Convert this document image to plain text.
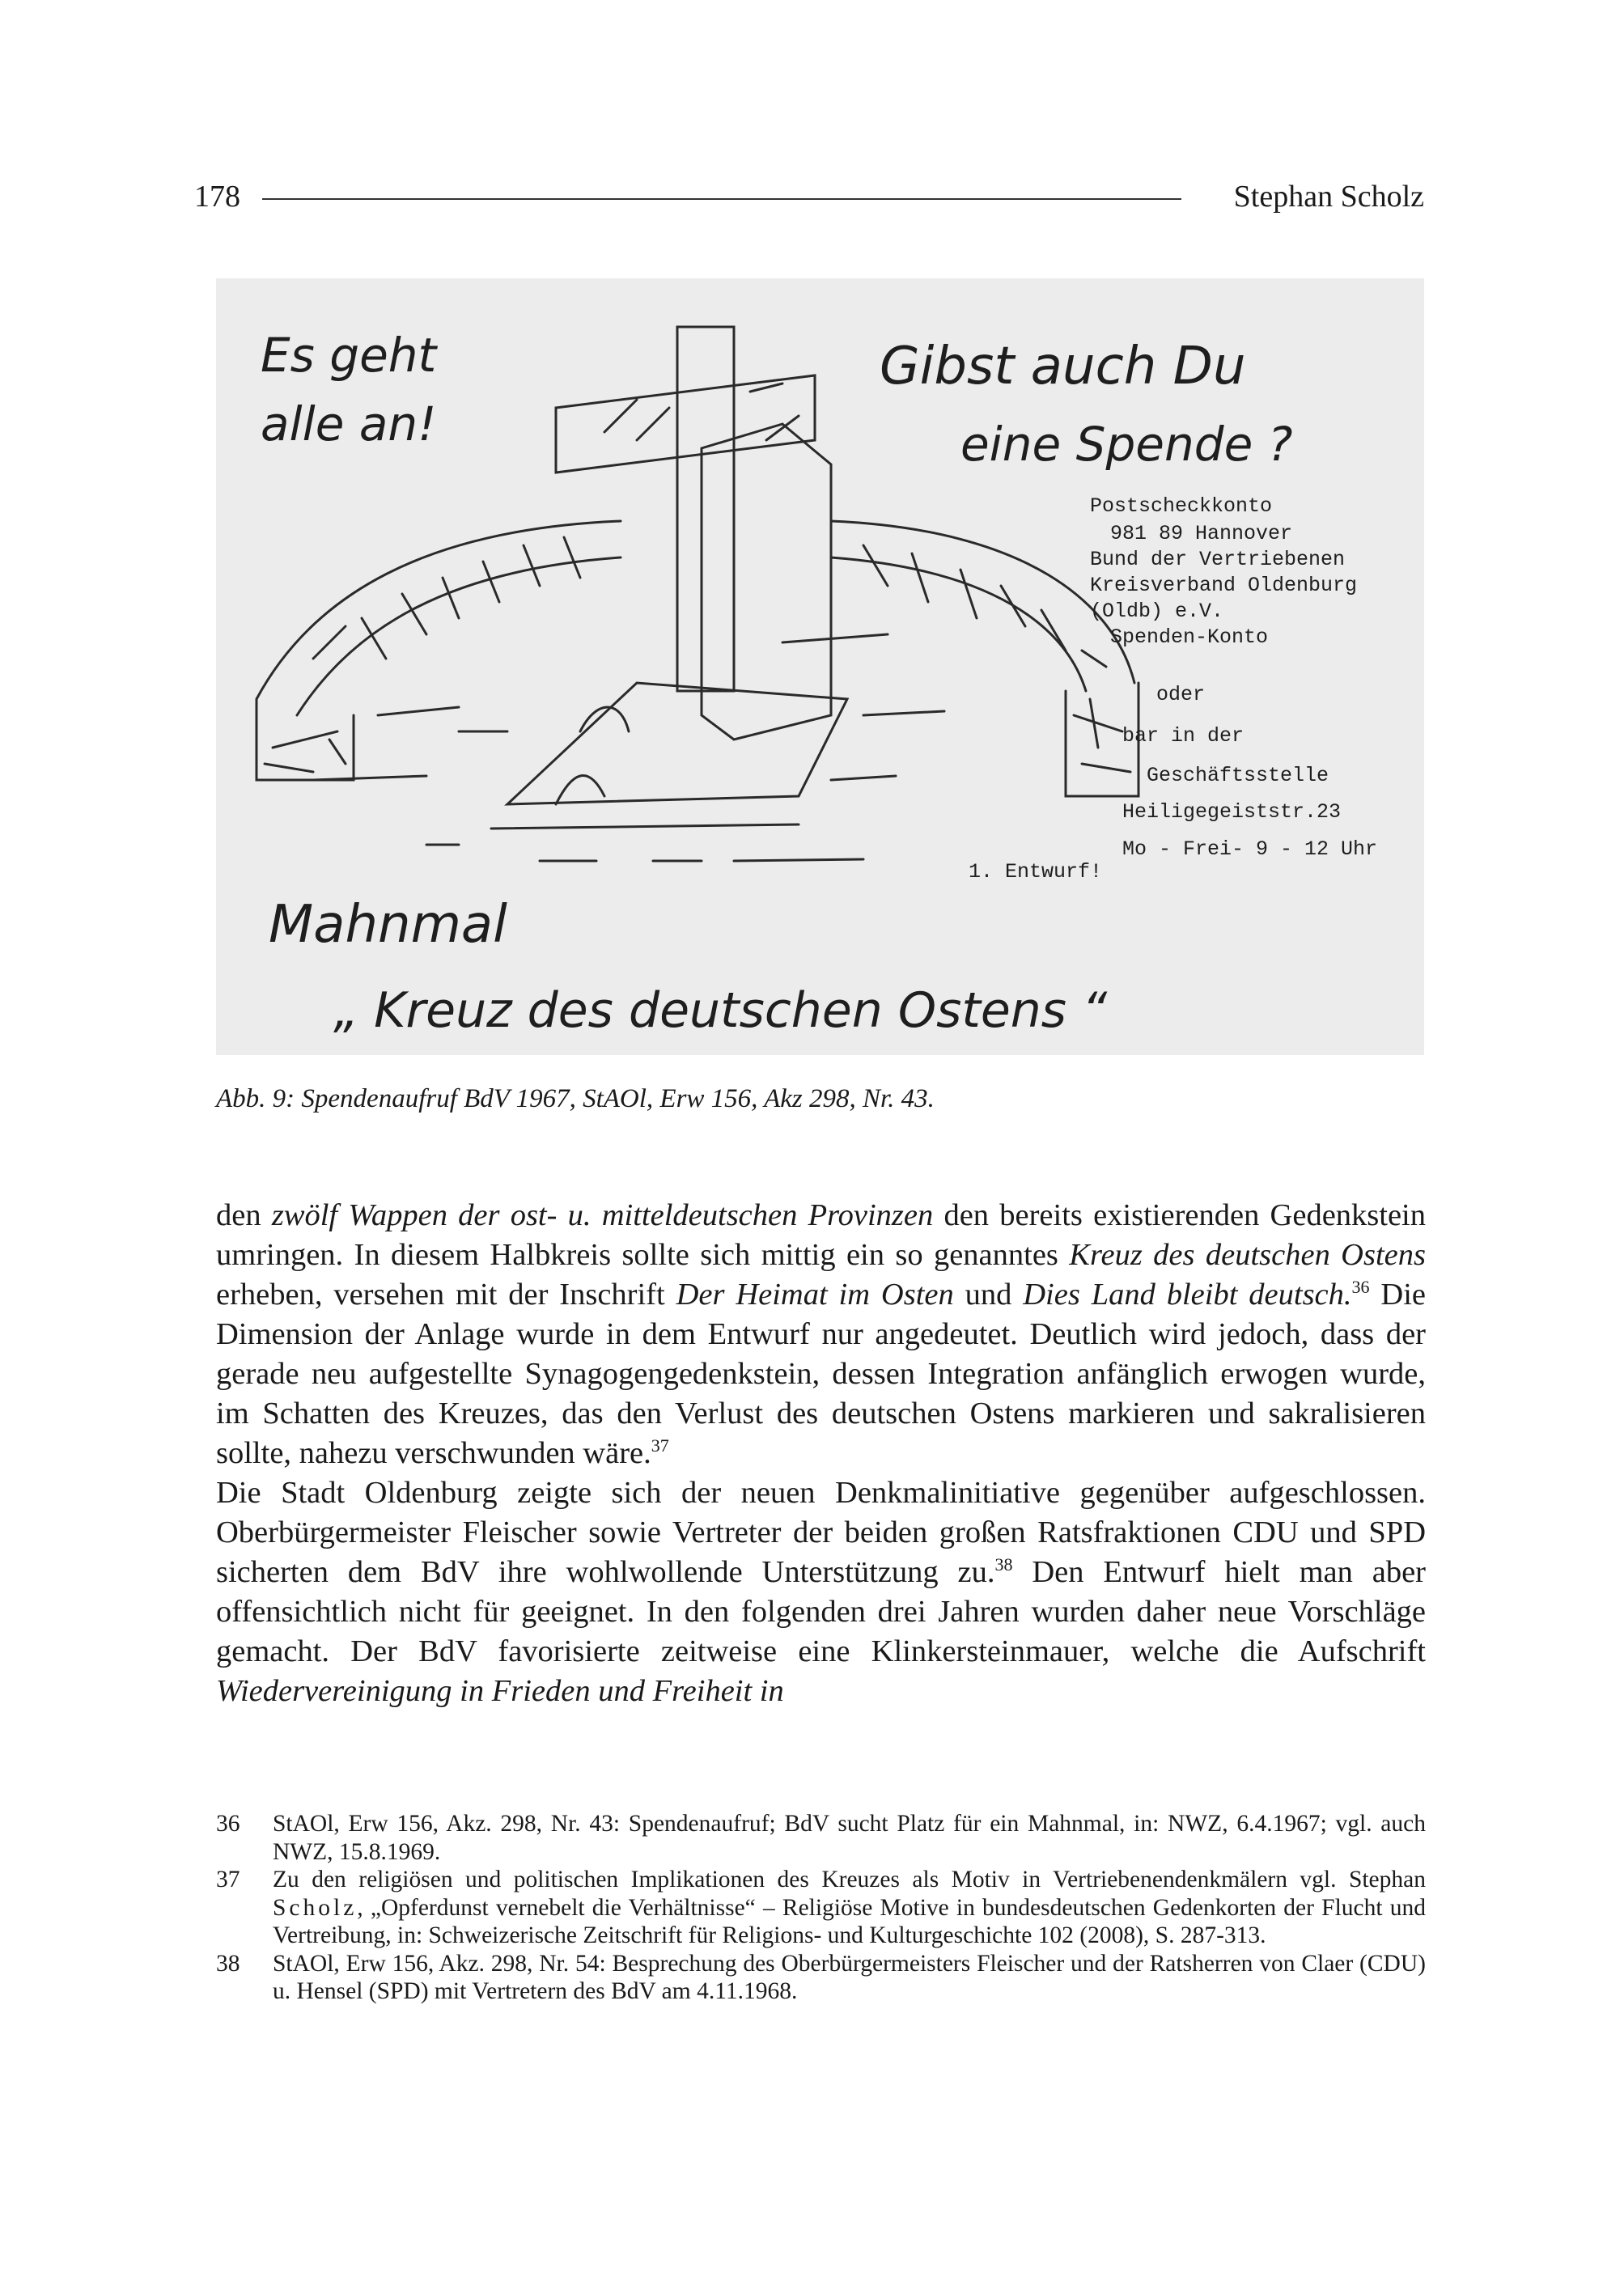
178	Stephan Scholz
Es geht
alle an!
Gibst auch Du
eine Spende ?
Postscheckkonto
981 89 Hannover
Bund der Vertriebenen
Kreisverband Oldenburg
(Oldb) e.V.
Spenden-Konto
oder
bar in der
Geschäftsstelle
Heiligegeiststr.23
Mo - Frei- 9 - 12 Uhr
1. Entwurf!
Mahnmal
„ Kreuz des deutschen Ostens “
Abb. 9: Spendenaufruf BdV 1967, StAOl, Erw 156, Akz 298, Nr. 43.

den zwölf Wappen der ost- u. mitteldeutschen Provinzen den bereits existierenden Gedenkstein umringen. In diesem Halbkreis sollte sich mittig ein so genanntes Kreuz des deutschen Ostens erheben, versehen mit der Inschrift Der Heimat im Osten und Dies Land bleibt deutsch.$^{36}$ Die Dimension der Anlage wurde in dem Entwurf nur angedeutet. Deutlich wird jedoch, dass der gerade neu aufgestellte Synagogengedenkstein, dessen Integration anfänglich erwogen wurde, im Schatten des Kreuzes, das den Verlust des deutschen Ostens markieren und sakralisieren sollte, nahezu verschwunden wäre.$^{37}$

Die Stadt Oldenburg zeigte sich der neuen Denkmalinitiative gegenüber aufgeschlossen. Oberbürgermeister Fleischer sowie Vertreter der beiden großen Ratsfraktionen CDU und SPD sicherten dem BdV ihre wohlwollende Unterstützung zu.$^{38}$ Den Entwurf hielt man aber offensichtlich nicht für geeignet. In den folgenden drei Jahren wurden daher neue Vorschläge gemacht. Der BdV favorisierte zeitweise eine Klinkersteinmauer, welche die Aufschrift Wiedervereinigung in Frieden und Freiheit in

36 StAOl, Erw 156, Akz. 298, Nr. 43: Spendenaufruf; BdV sucht Platz für ein Mahnmal, in: NWZ, 6.4.1967; vgl. auch NWZ, 15.8.1969.
37 Zu den religiösen und politischen Implikationen des Kreuzes als Motiv in Vertriebenendenkmälern vgl. Stephan Scholz, „Opferdunst vernebelt die Verhältnisse“ – Religiöse Motive in bundesdeutschen Gedenkorten der Flucht und Vertreibung, in: Schweizerische Zeitschrift für Religions- und Kulturgeschichte 102 (2008), S. 287-313.
38 StAOl, Erw 156, Akz. 298, Nr. 54: Besprechung des Oberbürgermeisters Fleischer und der Ratsherren von Claer (CDU) u. Hensel (SPD) mit Vertretern des BdV am 4.11.1968.
